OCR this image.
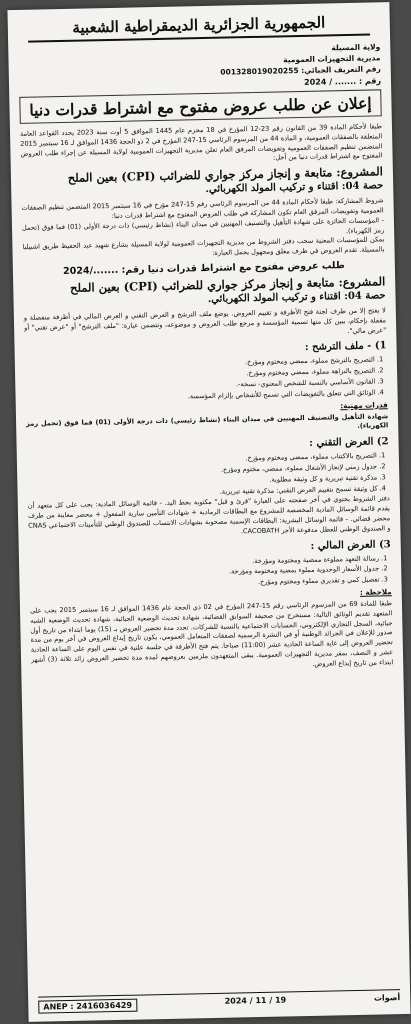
الجمهورية الجزائرية الديمقراطية الشعبية
ولاية المسيلة
مديرية التجهيزات العمومية
رقم التعريف الجبائي: 001328019020255
رقم : ....... / 2024
إعلان عن طلب عروض مفتوح مع اشتراط قدرات دنيا

طبقا لأحكام المادة 39 من القانون رقم 23-12 المؤرخ في 18 محرم عام 1445 الموافق 5 أوت سنة 2023 يحدد القواعد العامة المتعلقة بالصفقات العمومية، و المادة 44 من المرسوم الرئاسي 15-247 المؤرخ في 2 ذو الحجة 1436 الموافق لـ 16 سبتمبر 2015 المتضمن تنظيم الصفقات العمومية وتفويضات المرفق العام تعلن مديرية التجهيزات العمومية لولاية المسيلة عن إجراء طلب العروض المفتوح مع اشتراط قدرات دنيا من أجل:

المشروع: متابعة و إنجاز مركز جواري للضرائب (CPI) بعين الملح
حصة 04: اقتناء و تركيب المولد الكهربائي.

شروط المشاركة: طبقا لأحكام المادة 44 من المرسوم الرئاسي رقم 15-247 مؤرخ في 16 سبتمبر 2015 المتضمن تنظيم الصفقات العمومية وتفويضات المرفق العام تكون المشاركة في طلب العروض المفتوح مع اشتراط قدرات دنيا:
- المؤسسات الحائزة على شهادة التأهيل والتصنيف المهنيين في ميدان البناء (نشاط رئيسي) ذات درجة الأولى (01) فما فوق (تحمل رمز الكهرباء).

يمكن للمؤسسات المعنية سحب دفتر الشروط من مديرية التجهيزات العمومية لولاية المسيلة بشارع شهيد عبد الحفيظ طريق اشبيليا بالمسيلة. تقدم العروض في ظرف مغلق ومجهول يحمل العبارة:

طلب عروض مفتوح مع اشتراط قدرات دنيا رقم: ......./2024
المشروع: متابعة و إنجاز مركز جواري للضرائب (CPI) بعين الملح
حصة 04: اقتناء و تركيب المولد الكهربائي.

لا يفتح إلا من طرف لجنة فتح الأظرفة و تقييم العروض. يوضع ملف الترشح و العرض التقني و العرض المالي في أظرفة منفصلة و مقفلة بإحكام، يبين كل منها تسمية المؤسسة و مرجع طلب العروض و موضوعه، وتتضمن عبارة: "ملف الترشح" أو "عرض تقني" أو "عرض مالي".

1) - ملف الترشح :
1. التصريح بالترشح مملوء، ممضي ومختوم ومؤرخ.
2. التصريح بالنزاهة مملوء، ممضي ومختوم ومؤرخ.
3. القانون الأساسي بالنسبة للشخص المعنوي- نسخة-.
4. الوثائق التي تتعلق بالتفويضات التي تسمح للأشخاص بإلزام المؤسسة.
قدرات مهنية:

شهادة التأهيل والتصنيف المهنيين في ميدان البناء (نشاط رئيسي) ذات درجة الأولى (01) فما فوق (تحمل رمز الكهرباء).

2) العرض التقني :
1. التصريح بالاكتتاب مملوء، ممضي ومختوم ومؤرخ.
2. جدول زمني لإنجاز الأشغال مملوء، ممضي، مختوم ومؤرخ.
3. مذكرة تقنية تبريرية و كل وثيقة مطلوبة.
4. كل وثيقة تسمح بتقييم العرض التقني: مذكرة تقنية تبريرية.

دفتر الشروط يحتوي في آخر صفحته على العبارة "قرئ و قبل" مكتوبة بخط اليد. - قائمة الوسائل المادية: يجب على كل متعهد أن يقدم قائمة الوسائل المادية المخصصة للمشروع مع البطاقات الرمادية + شهادات التأمين سارية المفعول + محضر معاينة من طرف محضر قضائي. - قائمة الوسائل البشرية: البطاقات الإسمية مصحوبة بشهادات الانتساب للصندوق الوطني للتأمينات الاجتماعي CNAS و الصندوق الوطني للعطل مدفوعة الأجر CACOBATH.

3) العرض المالي :
1. رسالة التعهد مملوءة ممضية ومختومة ومؤرخة.
2. جدول الأسعار الوحدوية مملوء بمضية ومختومة ومؤرخة.
3. تفصيل كمي و تقديري مملوء ومختوم ومؤرخ.
ملاحظة :

طبقا للمادة 69 من المرسوم الرئاسي رقم 15-247 المؤرخ في 02 ذي الحجة عام 1436 الموافق لـ 16 سبتمبر 2015 يجب على المتعهد تقديم الوثائق التالية: مستخرج من صحيفة السوابق القضائية، شهادة تحديث الوضعية الجبائية، شهادة تحديث الوضعية الشبه جبائية، السجل التجاري الإلكتروني، الحسابات الاجتماعية بالنسبة للشركات. تحدد مدة تحضير العروض بـ (15) يوما ابتداء من تاريخ أول صدور للإعلان في الجرائد الوطنية أو في النشرة الرسمية لصفقات المتعامل العمومي، يكون تاريخ إيداع العروض في آخر يوم من مدة تحضير العروض إلى غاية الساعة الحادية عشر (11:00) صباحا. يتم فتح الأظرفة في جلسة علنية في نفس اليوم على الساعة الحادية عشر و النصف، بمقر مديرية التجهيزات العمومية. يبقى المتعهدون ملزمين بعروضهم لمدة مدة تحضير العروض زائد ثلاثة (3) أشهر ابتداء من تاريخ إيداع العروض.

ANEP : 2416036429
2024 / 11 / 19	أصوات
